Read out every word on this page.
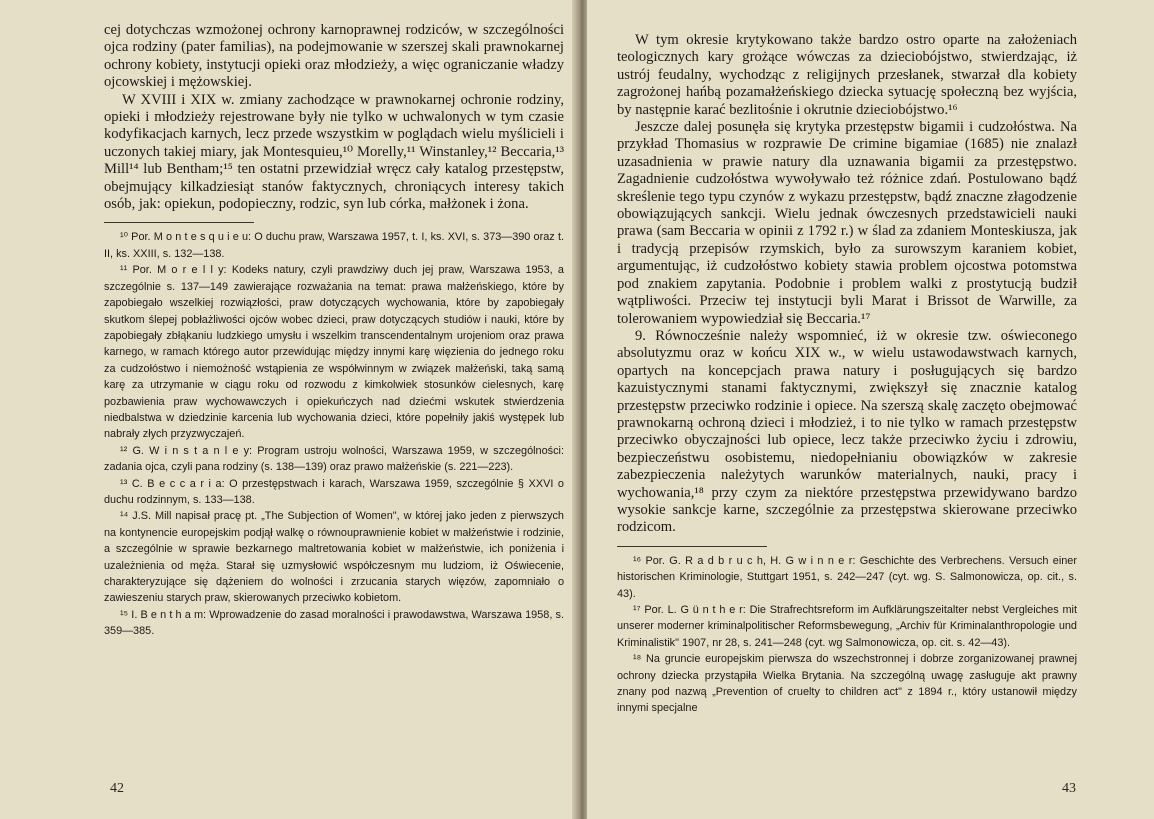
cej dotychczas wzmożonej ochrony karnoprawnej rodziców, w szczególności ojca rodziny (pater familias), na podejmowanie w szerszej skali prawnokarnej ochrony kobiety, instytucji opieki oraz młodzieży, a więc ograniczanie władzy ojcowskiej i mężowskiej.

W XVIII i XIX w. zmiany zachodzące w prawnokarnej ochronie rodziny, opieki i młodzieży rejestrowane były nie tylko w uchwalonych w tym czasie kodyfikacjach karnych, lecz przede wszystkim w poglądach wielu myślicieli i uczonych takiej miary, jak Montesquieu,¹⁰ Morelly,¹¹ Winstanley,¹² Beccaria,¹³ Mill¹⁴ lub Bentham;¹⁵ ten ostatni przewidział wręcz cały katalog przestępstw, obejmujący kilkadziesiąt stanów faktycznych, chroniących interesy takich osób, jak: opiekun, podopieczny, rodzic, syn lub córka, małżonek i żona.

¹⁰ Por. M o n t e s q u i e u: O duchu praw, Warszawa 1957, t. I, ks. XVI, s. 373—390 oraz t. II, ks. XXIII, s. 132—138.

¹¹ Por. M o r e l l y: Kodeks natury, czyli prawdziwy duch jej praw, Warszawa 1953, a szczególnie s. 137—149 zawierające rozważania na temat: prawa małżeńskiego, które by zapobiegało wszelkiej rozwiązłości, praw dotyczących wychowania, które by zapobiegały skutkom ślepej pobłażliwości ojców wobec dzieci, praw dotyczących studiów i nauki, które by zapobiegały zbłąkaniu ludzkiego umysłu i wszelkim transcendentalnym urojeniom oraz prawa karnego, w ramach którego autor przewidując między innymi karę więzienia do jednego roku za cudzołóstwo i niemożność wstąpienia ze współwinnym w związek małżeński, taką samą karę za utrzymanie w ciągu roku od rozwodu z kimkolwiek stosunków cielesnych, karę pozbawienia praw wychowawczych i opiekuńczych nad dziećmi wskutek stwierdzenia niedbalstwa w dziedzinie karcenia lub wychowania dzieci, które popełniły jakiś występek lub nabrały złych przyzwyczajeń.

¹² G. W i n s t a n l e y: Program ustroju wolności, Warszawa 1959, w szczególności: zadania ojca, czyli pana rodziny (s. 138—139) oraz prawo małżeńskie (s. 221—223).

¹³ C. B e c c a r i a: O przestępstwach i karach, Warszawa 1959, szczególnie § XXVI o duchu rodzinnym, s. 133—138.

¹⁴ J.S. Mill napisał pracę pt. „The Subjection of Women", w której jako jeden z pierwszych na kontynencie europejskim podjął walkę o równouprawnienie kobiet w małżeństwie i rodzinie, a szczególnie w sprawie bezkarnego maltretowania kobiet w małżeństwie, ich poniżenia i uzależnienia od męża. Starał się uzmysłowić współczesnym mu ludziom, iż Oświecenie, charakteryzujące się dążeniem do wolności i zrzucania starych więzów, zapomniało o zawieszeniu starych praw, skierowanych przeciwko kobietom.

¹⁵ I. B e n t h a m: Wprowadzenie do zasad moralności i prawodawstwa, Warszawa 1958, s. 359—385.

42

W tym okresie krytykowano także bardzo ostro oparte na założeniach teologicznych kary grożące wówczas za dzieciobójstwo, stwierdzając, iż ustrój feudalny, wychodząc z religijnych przesłanek, stwarzał dla kobiety zagrożonej hańbą pozamałżeńskiego dziecka sytuację społeczną bez wyjścia, by następnie karać bezlitośnie i okrutnie dzieciobójstwo.¹⁶

Jeszcze dalej posunęła się krytyka przestępstw bigamii i cudzołóstwa. Na przykład Thomasius w rozprawie De crimine bigamiae (1685) nie znalazł uzasadnienia w prawie natury dla uznawania bigamii za przestępstwo. Zagadnienie cudzołóstwa wywoływało też różnice zdań. Postulowano bądź skreślenie tego typu czynów z wykazu przestępstw, bądź znaczne złagodzenie obowiązujących sankcji. Wielu jednak ówczesnych przedstawicieli nauki prawa (sam Beccaria w opinii z 1792 r.) w ślad za zdaniem Monteskiusza, jak i tradycją przepisów rzymskich, było za surowszym karaniem kobiet, argumentując, iż cudzołóstwo kobiety stawia problem ojcostwa potomstwa pod znakiem zapytania. Podobnie i problem walki z prostytucją budził wątpliwości. Przeciw tej instytucji byli Marat i Brissot de Warwille, za tolerowaniem wypowiedział się Beccaria.¹⁷

9. Równocześnie należy wspomnieć, iż w okresie tzw. oświeconego absolutyzmu oraz w końcu XIX w., w wielu ustawodawstwach karnych, opartych na koncepcjach prawa natury i posługujących się bardzo kazuistycznymi stanami faktycznymi, zwiększył się znacznie katalog przestępstw przeciwko rodzinie i opiece. Na szerszą skalę zaczęto obejmować prawnokarną ochroną dzieci i młodzież, i to nie tylko w ramach przestępstw przeciwko obyczajności lub opiece, lecz także przeciwko życiu i zdrowiu, bezpieczeństwu osobistemu, niedopełnianiu obowiązków w zakresie zabezpieczenia należytych warunków materialnych, nauki, pracy i wychowania,¹⁸ przy czym za niektóre przestępstwa przewidywano bardzo wysokie sankcje karne, szczególnie za przestępstwa skierowane przeciwko rodzicom.

¹⁶ Por. G. R a d b r u c h, H. G w i n n e r: Geschichte des Verbrechens. Versuch einer historischen Kriminologie, Stuttgart 1951, s. 242—247 (cyt. wg. S. Salmonowicza, op. cit., s. 43).

¹⁷ Por. L. G ü n t h e r: Die Strafrechtsreform im Aufklärungszeitalter nebst Vergleiches mit unserer moderner kriminalpolitischer Reformsbewegung, „Archiv für Kriminalanthropologie und Kriminalistik" 1907, nr 28, s. 241—248 (cyt. wg Salmonowicza, op. cit. s. 42—43).

¹⁸ Na gruncie europejskim pierwsza do wszechstronnej i dobrze zorganizowanej prawnej ochrony dziecka przystąpiła Wielka Brytania. Na szczególną uwagę zasługuje akt prawny znany pod nazwą „Prevention of cruelty to children act" z 1894 r., który ustanowił między innymi specjalne

43
